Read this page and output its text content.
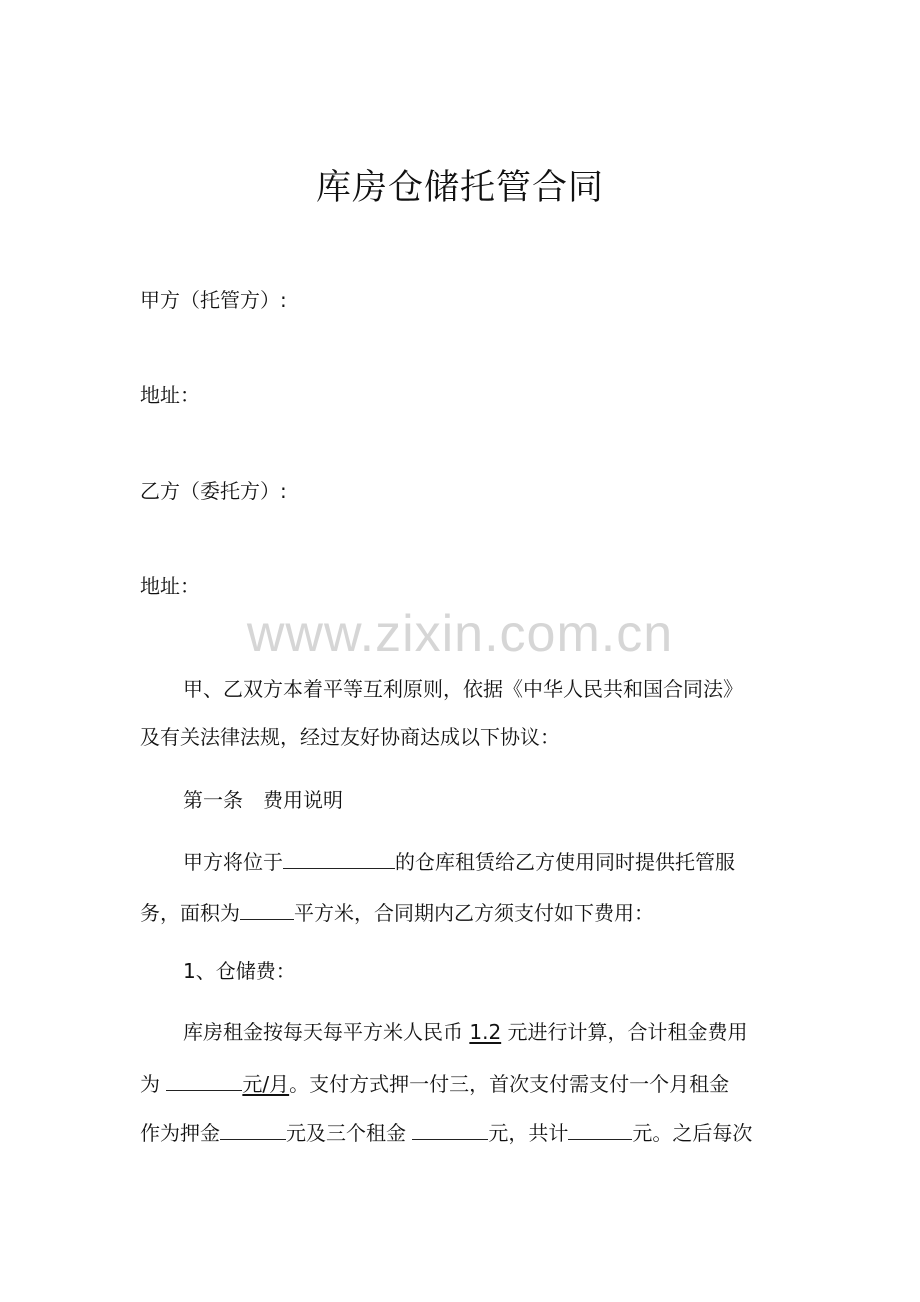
库房仓储托管合同
甲方（托管方）:
地址：
乙方（委托方）:
地址：
www.zixin.com.cn
甲、乙双方本着平等互利原则，依据《中华人民共和国合同法》
及有关法律法规，经过友好协商达成以下协议：
第一条　费用说明
甲方将位于	的仓库租赁给乙方使用同时提供托管服
务，面积为	平方米，合同期内乙方须支付如下费用：
1、仓储费：
库房租金按每天每平方米人民币 1.2 元进行计算，合计租金费用
为	元/月。支付方式押一付三，首次支付需支付一个月租金
作为押金	元及三个租金	元，共计	元。之后每次
